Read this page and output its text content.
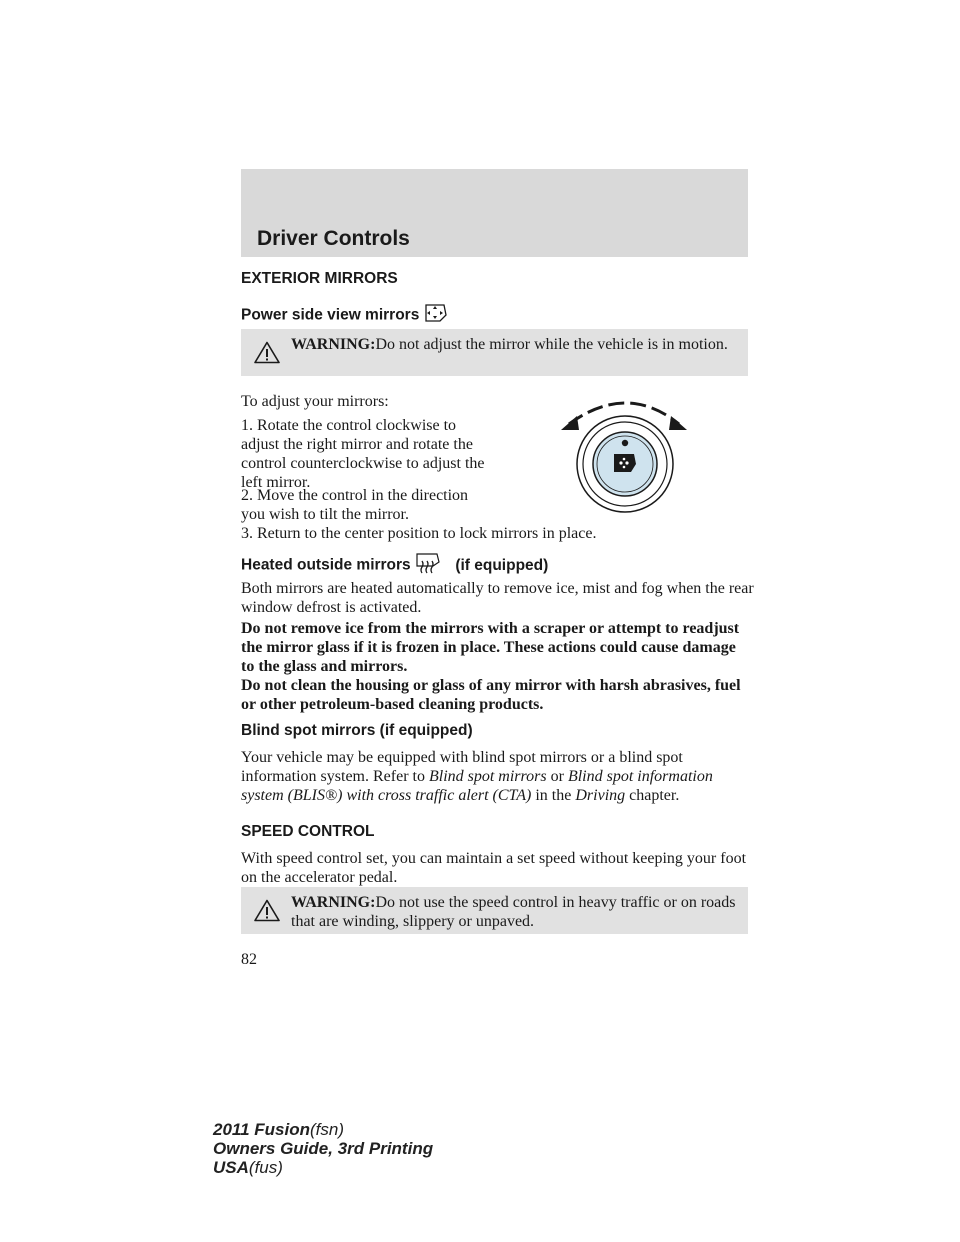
Driver Controls
EXTERIOR MIRRORS
Power side view mirrors
WARNING:Do not adjust the mirror while the vehicle is in motion.
To adjust your mirrors:
1. Rotate the control clockwise to adjust the right mirror and rotate the control counterclockwise to adjust the left mirror.
2. Move the control in the direction you wish to tilt the mirror.
3. Return to the center position to lock mirrors in place.
Heated outside mirrors	(if equipped)
Both mirrors are heated automatically to remove ice, mist and fog when the rear window defrost is activated.
Do not remove ice from the mirrors with a scraper or attempt to readjust the mirror glass if it is frozen in place. These actions could cause damage to the glass and mirrors.
Do not clean the housing or glass of any mirror with harsh abrasives, fuel or other petroleum-based cleaning products.
Blind spot mirrors (if equipped)
Your vehicle may be equipped with blind spot mirrors or a blind spot information system. Refer to Blind spot mirrors or Blind spot information system (BLIS®) with cross traffic alert (CTA) in the Driving chapter.
SPEED CONTROL
With speed control set, you can maintain a set speed without keeping your foot on the accelerator pedal.
WARNING:Do not use the speed control in heavy traffic or on roads that are winding, slippery or unpaved.
82
2011 Fusion(fsn)
Owners Guide, 3rd Printing
USA(fus)
